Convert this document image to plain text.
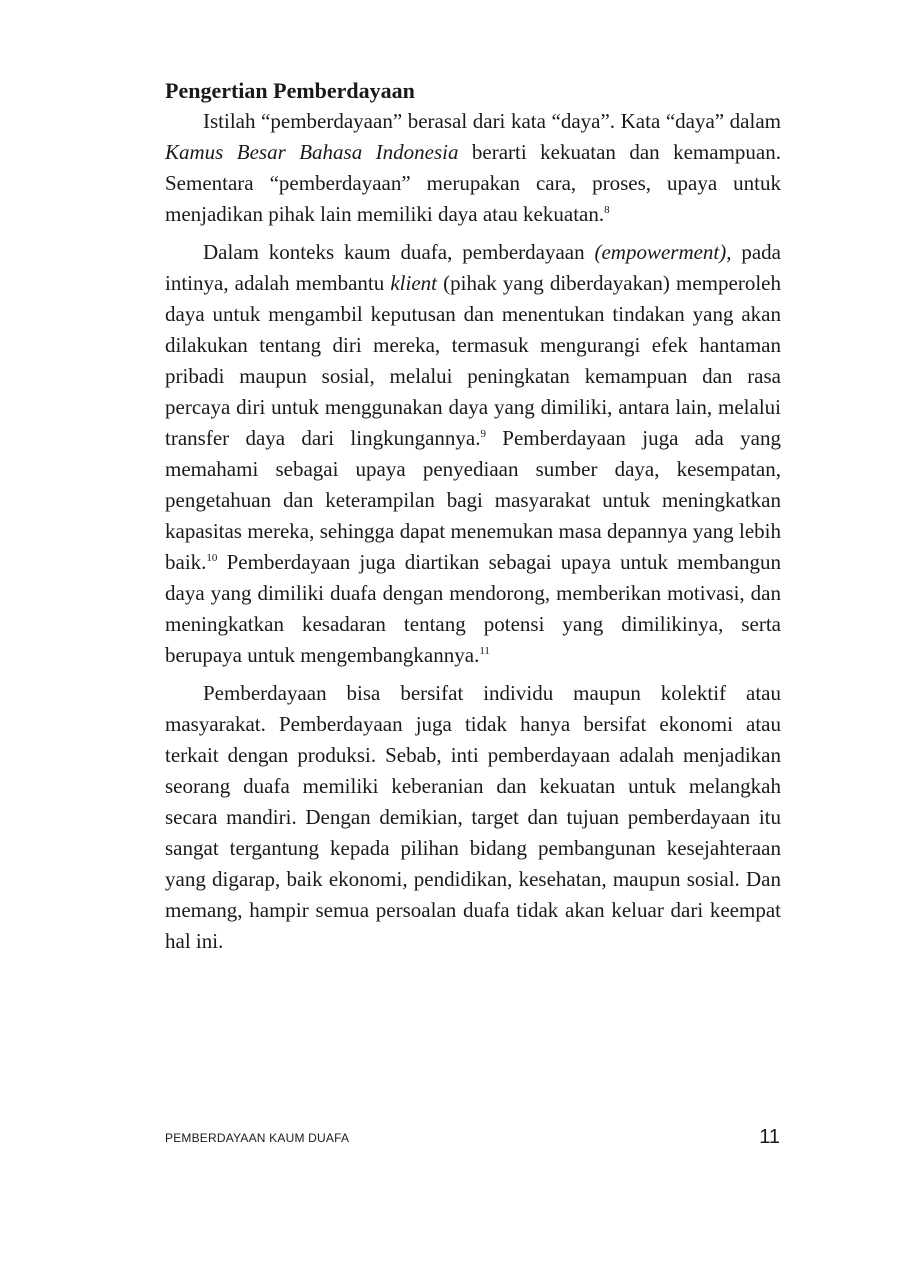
Pengertian Pemberdayaan

Istilah “pemberdayaan” berasal dari kata “daya”. Kata “daya” dalam Kamus Besar Bahasa Indonesia berarti kekuatan dan kemampuan. Sementara “pemberdayaan” merupakan cara, proses, upaya untuk menjadikan pihak lain memiliki daya atau kekuatan.$^8$

Dalam konteks kaum duafa, pemberdayaan (empowerment), pada intinya, adalah membantu klient (pihak yang diberdayakan) memperoleh daya untuk mengambil keputusan dan menentukan tindakan yang akan dilakukan tentang diri mereka, termasuk mengurangi efek hantaman pribadi maupun sosial, melalui peningkatan kemampuan dan rasa percaya diri untuk menggunakan daya yang dimiliki, antara lain, melalui transfer daya dari lingkungannya.$^9$ Pemberdayaan juga ada yang memahami sebagai upaya penyediaan sumber daya, kesempatan, pengetahuan dan keterampilan bagi masyarakat untuk meningkatkan kapasitas mereka, sehingga dapat menemukan masa depannya yang lebih baik.$^{10}$ Pemberdayaan juga diartikan sebagai upaya untuk membangun daya yang dimiliki duafa dengan mendorong, memberikan motivasi, dan meningkatkan kesadaran tentang potensi yang dimilikinya, serta berupaya untuk mengembangkannya.$^{11}$

Pemberdayaan bisa bersifat individu maupun kolektif atau masyarakat. Pemberdayaan juga tidak hanya bersifat ekonomi atau terkait dengan produksi. Sebab, inti pemberdayaan adalah menjadikan seorang duafa memiliki keberanian dan kekuatan untuk melangkah secara mandiri. Dengan demikian, target dan tujuan pemberdayaan itu sangat tergantung kepada pilihan bidang pembangunan kesejahteraan yang digarap, baik ekonomi, pendidikan, kesehatan, maupun sosial. Dan memang, hampir semua persoalan duafa tidak akan keluar dari keempat hal ini.

PEMBERDAYAAN KAUM DUAFA	11
